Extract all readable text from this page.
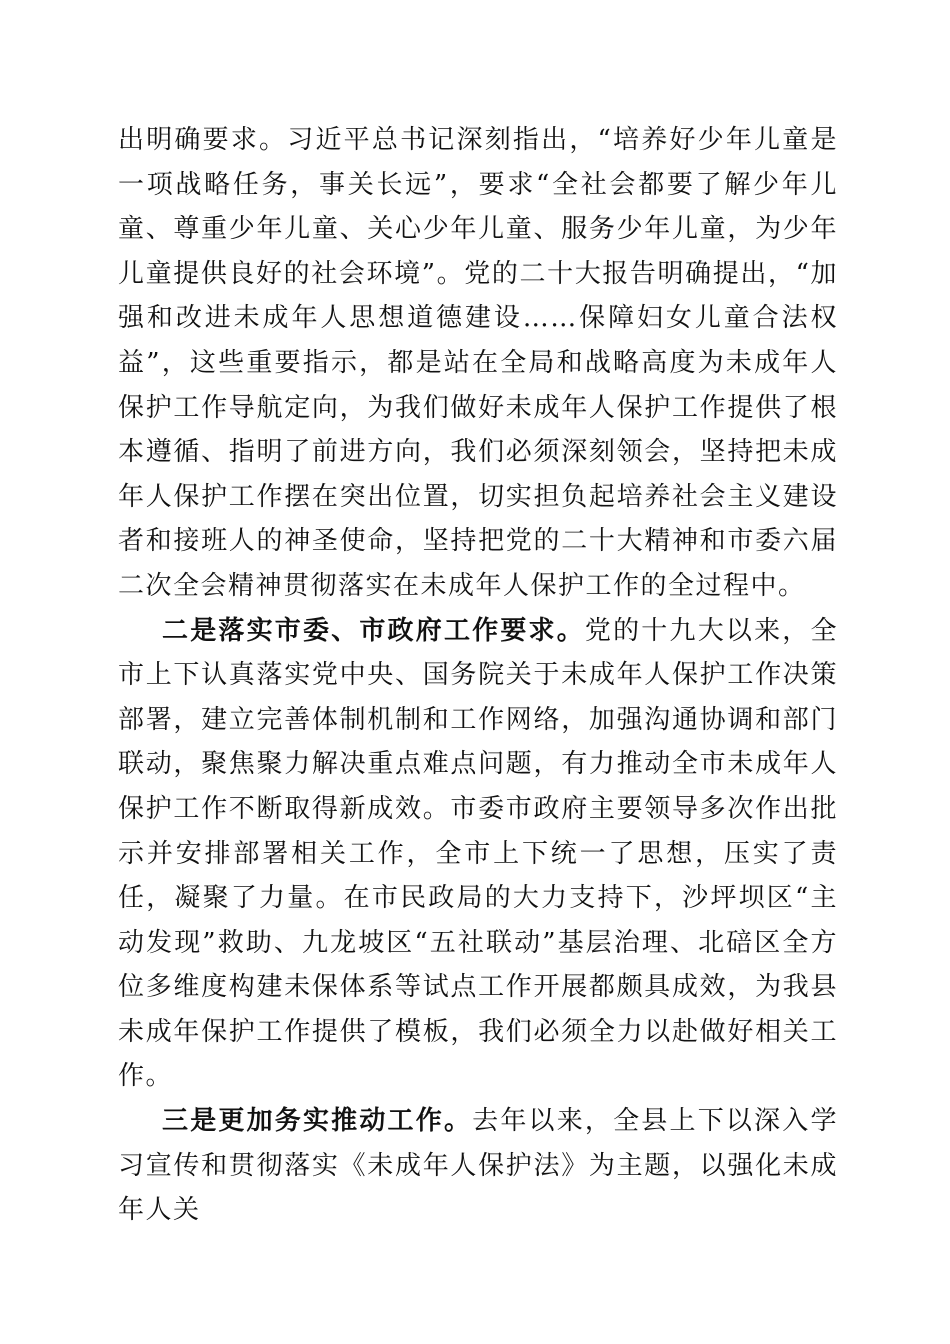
出明确要求。习近平总书记深刻指出，“培养好少年儿童是一项战略任务，事关长远”，要求“全社会都要了解少年儿童、尊重少年儿童、关心少年儿童、服务少年儿童，为少年儿童提供良好的社会环境”。党的二十大报告明确提出，“加强和改进未成年人思想道德建设……保障妇女儿童合法权益”，这些重要指示，都是站在全局和战略高度为未成年人保护工作导航定向，为我们做好未成年人保护工作提供了根本遵循、指明了前进方向，我们必须深刻领会，坚持把未成年人保护工作摆在突出位置，切实担负起培养社会主义建设者和接班人的神圣使命，坚持把党的二十大精神和市委六届二次全会精神贯彻落实在未成年人保护工作的全过程中。

二是落实市委、市政府工作要求。党的十九大以来，全市上下认真落实党中央、国务院关于未成年人保护工作决策部署，建立完善体制机制和工作网络，加强沟通协调和部门联动，聚焦聚力解决重点难点问题，有力推动全市未成年人保护工作不断取得新成效。市委市政府主要领导多次作出批示并安排部署相关工作，全市上下统一了思想，压实了责任，凝聚了力量。在市民政局的大力支持下，沙坪坝区“主动发现”救助、九龙坡区“五社联动”基层治理、北碚区全方位多维度构建未保体系等试点工作开展都颇具成效，为我县未成年保护工作提供了模板，我们必须全力以赴做好相关工作。

三是更加务实推动工作。去年以来，全县上下以深入学习宣传和贯彻落实《未成年人保护法》为主题，以强化未成年人关
